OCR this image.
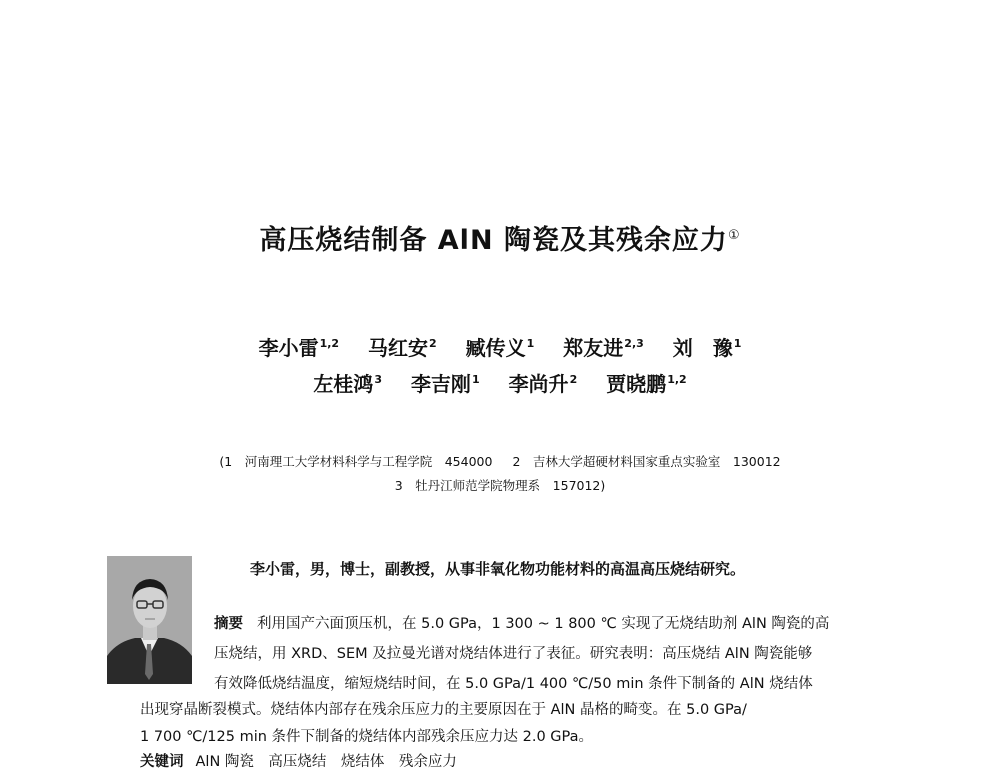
高压烧结制备 AlN 陶瓷及其残余应力①
李小雷$^{1,2}$ 马红安$^2$ 臧传义$^1$ 郑友进$^{2,3}$ 刘　豫$^1$
左桂鸿$^3$ 李吉刚$^1$ 李尚升$^2$ 贾晓鹏$^{1,2}$
(1　河南理工大学材料科学与工程学院　454000 2　吉林大学超硬材料国家重点实验室　130012
3　牡丹江师范学院物理系　157012)
李小雷，男，博士，副教授，从事非氧化物功能材料的高温高压烧结研究。
摘要 利用国产六面顶压机，在 5.0 GPa，1 300 ~ 1 800 ℃ 实现了无烧结助剂 AlN 陶瓷的高
压烧结，用 XRD、SEM 及拉曼光谱对烧结体进行了表征。研究表明：高压烧结 AlN 陶瓷能够
有效降低烧结温度，缩短烧结时间，在 5.0 GPa/1 400 ℃/50 min 条件下制备的 AlN 烧结体
出现穿晶断裂模式。烧结体内部存在残余压应力的主要原因在于 AlN 晶格的畸变。在 5.0 GPa/
1 700 ℃/125 min 条件下制备的烧结体内部残余压应力达 2.0 GPa。
关键词 AlN 陶瓷　高压烧结　烧结体　残余应力
